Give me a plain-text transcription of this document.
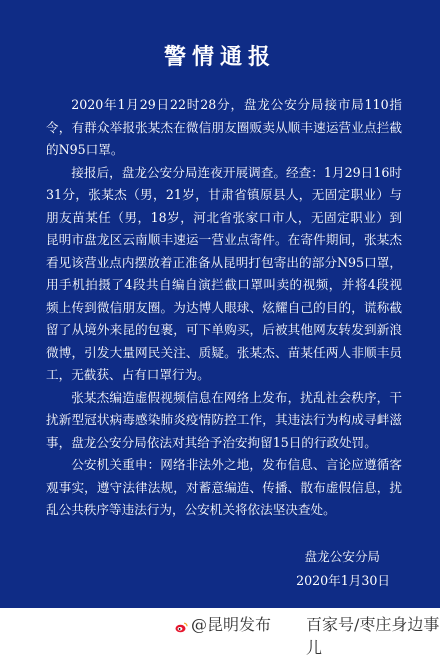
警情通报

2020年1月29日22时28分，盘龙公安分局接市局110指令，有群众举报张某杰在微信朋友圈贩卖从顺丰速运营业点拦截的N95口罩。

接报后，盘龙公安分局连夜开展调查。经查：1月29日16时31分，张某杰（男，21岁，甘肃省镇原县人，无固定职业）与朋友苗某任（男，18岁，河北省张家口市人，无固定职业）到昆明市盘龙区云南顺丰速运一营业点寄件。在寄件期间，张某杰看见该营业点内摆放着正准备从昆明打包寄出的部分N95口罩，用手机拍摄了4段共自编自演拦截口罩叫卖的视频，并将4段视频上传到微信朋友圈。为达博人眼球、炫耀自己的目的，谎称截留了从境外来昆的包裹，可下单购买，后被其他网友转发到新浪微博，引发大量网民关注、质疑。张某杰、苗某任两人非顺丰员工，无截获、占有口罩行为。

张某杰编造虚假视频信息在网络上发布，扰乱社会秩序，干扰新型冠状病毒感染肺炎疫情防控工作，其违法行为构成寻衅滋事，盘龙公安分局依法对其给予治安拘留15日的行政处罚。

公安机关重申：网络非法外之地，发布信息、言论应遵循客观事实，遵守法律法规，对蓄意编造、传播、散布虚假信息，扰乱公共秩序等违法行为，公安机关将依法坚决查处。

盘龙公安分局
2020年1月30日
@昆明发布 百家号/枣庄身边事儿
